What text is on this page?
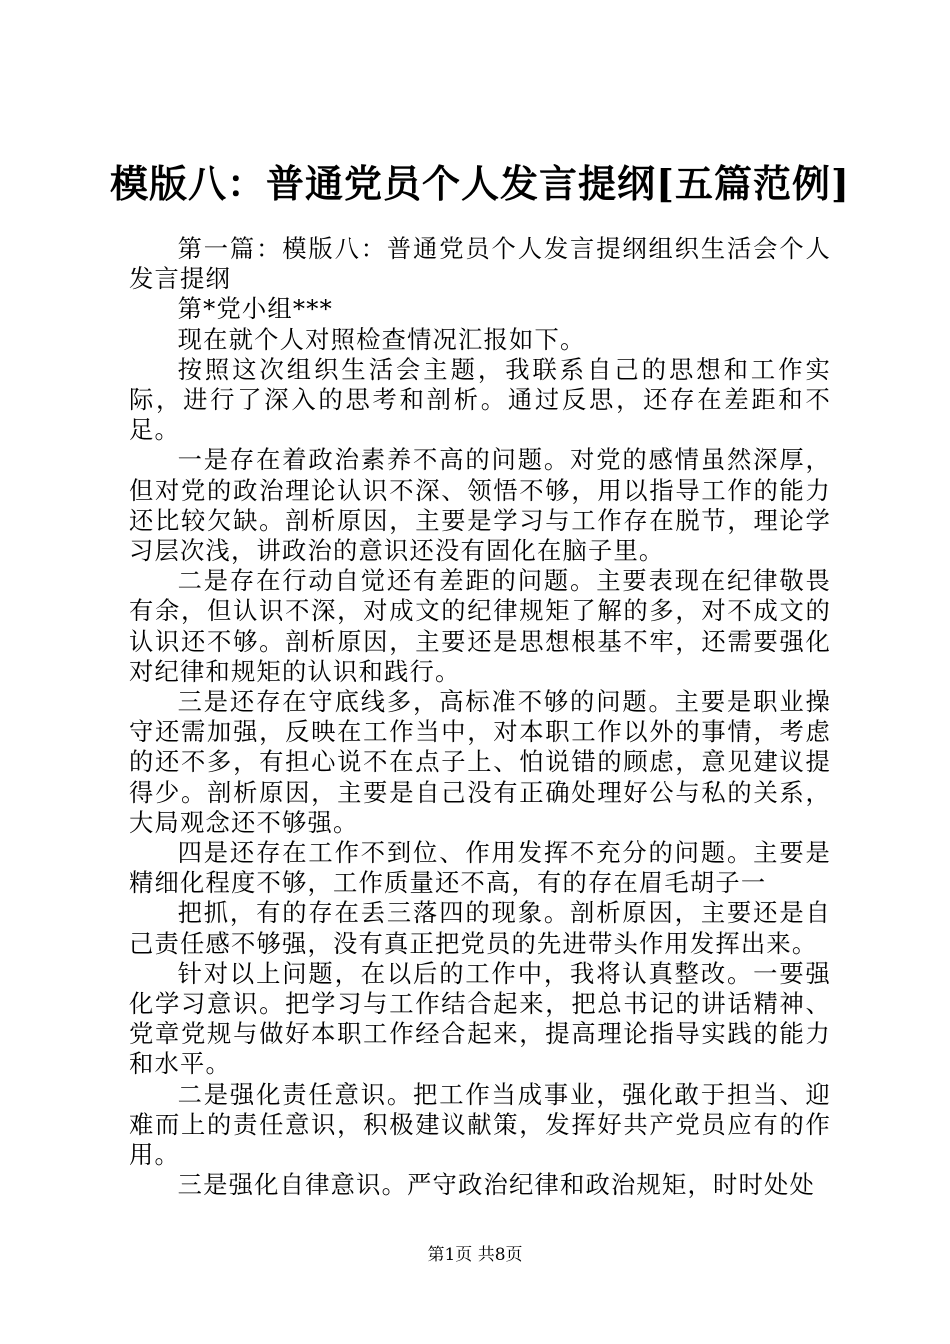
模版八：普通党员个人发言提纲[五篇范例]

第一篇：模版八：普通党员个人发言提纲组织生活会个人发言提纲

第*党小组***

现在就个人对照检查情况汇报如下。

按照这次组织生活会主题，我联系自己的思想和工作实际，进行了深入的思考和剖析。通过反思，还存在差距和不足。

一是存在着政治素养不高的问题。对党的感情虽然深厚，但对党的政治理论认识不深、领悟不够，用以指导工作的能力还比较欠缺。剖析原因，主要是学习与工作存在脱节，理论学习层次浅，讲政治的意识还没有固化在脑子里。

二是存在行动自觉还有差距的问题。主要表现在纪律敬畏有余，但认识不深，对成文的纪律规矩了解的多，对不成文的认识还不够。剖析原因，主要还是思想根基不牢，还需要强化对纪律和规矩的认识和践行。

三是还存在守底线多，高标准不够的问题。主要是职业操守还需加强，反映在工作当中，对本职工作以外的事情，考虑的还不多，有担心说不在点子上、怕说错的顾虑，意见建议提得少。剖析原因，主要是自己没有正确处理好公与私的关系，大局观念还不够强。

四是还存在工作不到位、作用发挥不充分的问题。主要是精细化程度不够，工作质量还不高，有的存在眉毛胡子一

把抓，有的存在丢三落四的现象。剖析原因，主要还是自己责任感不够强，没有真正把党员的先进带头作用发挥出来。

针对以上问题，在以后的工作中，我将认真整改。一要强化学习意识。把学习与工作结合起来，把总书记的讲话精神、党章党规与做好本职工作经合起来，提高理论指导实践的能力和水平。

二是强化责任意识。把工作当成事业，强化敢于担当、迎难而上的责任意识，积极建议献策，发挥好共产党员应有的作用。

三是强化自律意识。严守政治纪律和政治规矩，时时处处

第1页 共8页
